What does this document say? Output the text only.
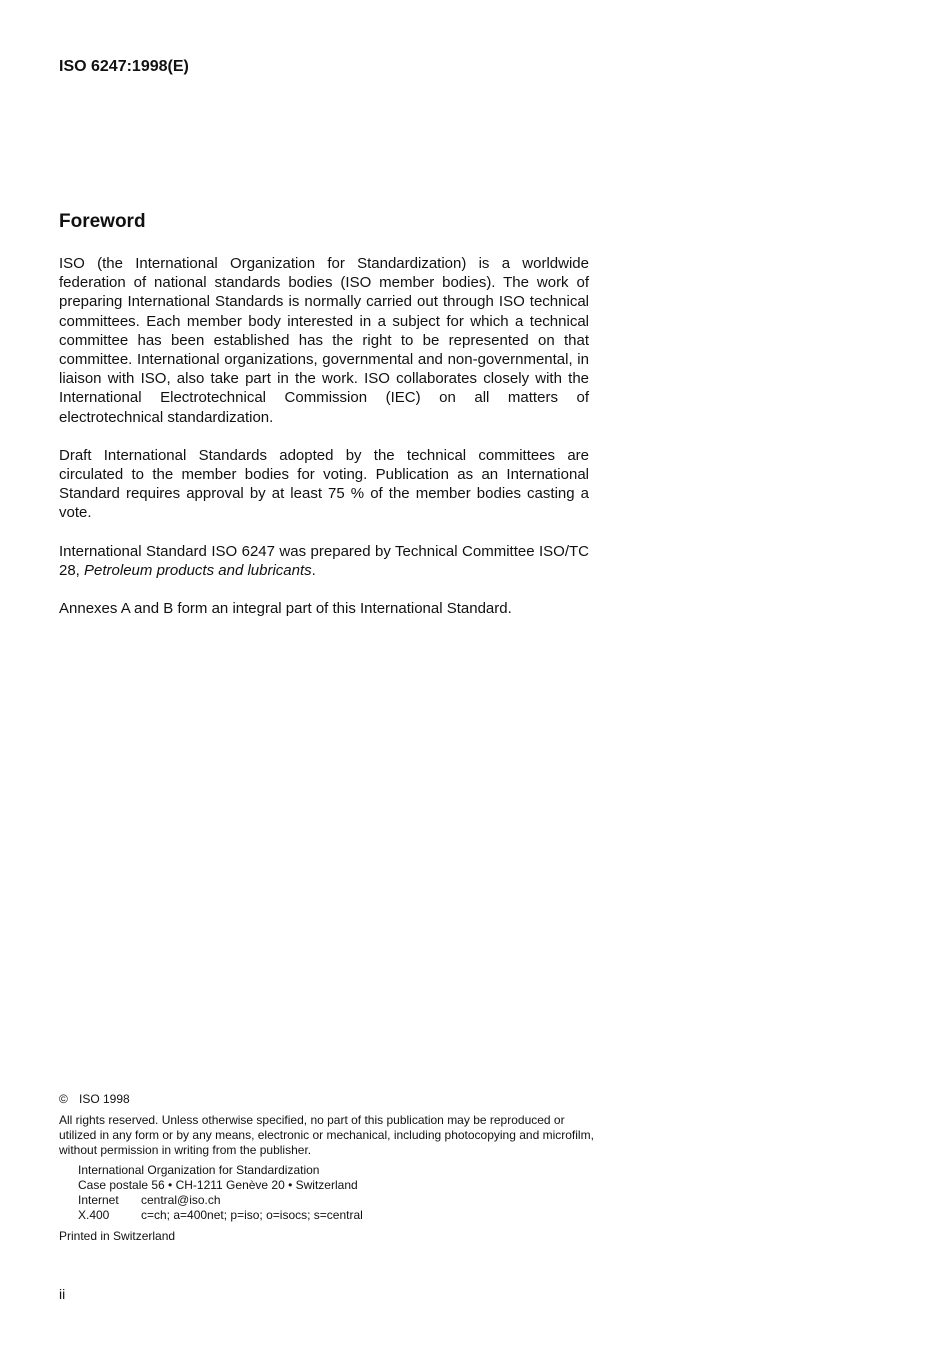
ISO 6247:1998(E)

Foreword

ISO (the International Organization for Standardization) is a worldwide federation of national standards bodies (ISO member bodies). The work of preparing International Standards is normally carried out through ISO technical committees. Each member body interested in a subject for which a technical committee has been established has the right to be represented on that committee. International organizations, governmental and non-governmental, in liaison with ISO, also take part in the work. ISO collaborates closely with the International Electrotechnical Commission (IEC) on all matters of electrotechnical standardization.

Draft International Standards adopted by the technical committees are circulated to the member bodies for voting. Publication as an International Standard requires approval by at least 75 % of the member bodies casting a vote.

International Standard ISO 6247 was prepared by Technical Committee ISO/TC 28, Petroleum products and lubricants.

Annexes A and B form an integral part of this International Standard.

© ISO 1998

All rights reserved. Unless otherwise specified, no part of this publication may be reproduced or utilized in any form or by any means, electronic or mechanical, including photocopying and microfilm, without permission in writing from the publisher.

International Organization for Standardization

Case postale 56 • CH-1211 Genève 20 • Switzerland

Internet	central@iso.ch
X.400	c=ch; a=400net; p=iso; o=isocs; s=central

Printed in Switzerland

ii
